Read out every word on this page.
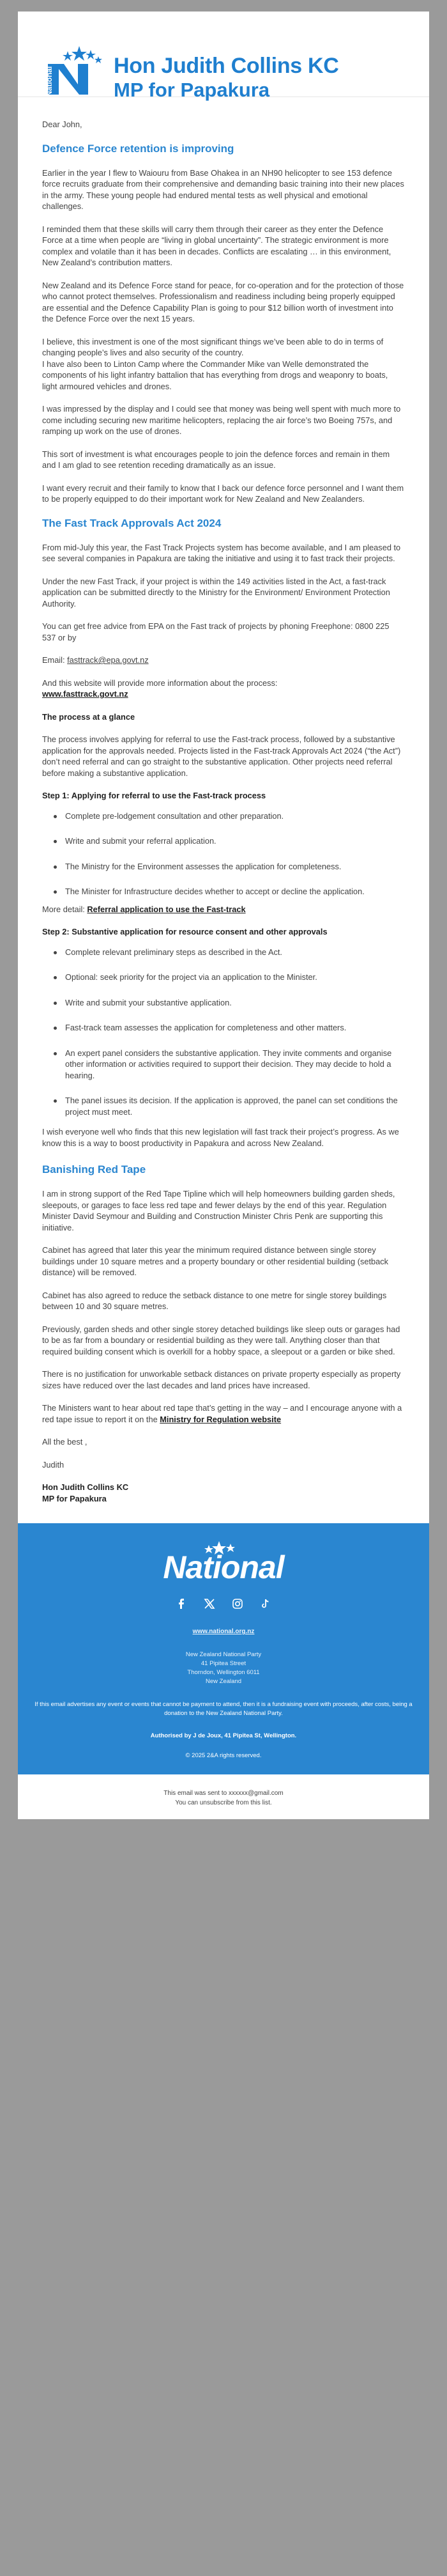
National
Hon Judith Collins KC
MP for Papakura

Dear John,

Defence Force retention is improving

Earlier in the year I flew to Waiouru from Base Ohakea in an NH90 helicopter to see 153 defence force recruits graduate from their comprehensive and demanding basic training into their new places in the army. These young people had endured mental tests as well physical and emotional challenges.

I reminded them that these skills will carry them through their career as they enter the Defence Force at a time when people are “living in global uncertainty”. The strategic environment is more complex and volatile than it has been in decades. Conflicts are escalating … in this environment, New Zealand’s contribution matters.

New Zealand and its Defence Force stand for peace, for co-operation and for the protection of those who cannot protect themselves. Professionalism and readiness including being properly equipped are essential and the Defence Capability Plan is going to pour $12 billion worth of investment into the Defence Force over the next 15 years.

I believe, this investment is one of the most significant things we’ve been able to do in terms of changing people’s lives and also security of the country.
I have also been to Linton Camp where the Commander Mike van Welle demonstrated the components of his light infantry battalion that has everything from drogs and weaponry to boats, light armoured vehicles and drones.

I was impressed by the display and I could see that money was being well spent with much more to come including securing new maritime helicopters, replacing the air force’s two Boeing 757s, and ramping up work on the use of drones.

This sort of investment is what encourages people to join the defence forces and remain in them and I am glad to see retention receding dramatically as an issue.

I want every recruit and their family to know that I back our defence force personnel and I want them to be properly equipped to do their important work for New Zealand and New Zealanders.

The Fast Track Approvals Act 2024

From mid-July this year, the Fast Track Projects system has become available, and I am pleased to see several companies in Papakura are taking the initiative and using it to fast track their projects.

Under the new Fast Track, if your project is within the 149 activities listed in the Act, a fast-track application can be submitted directly to the Ministry for the Environment/ Environment Protection Authority.

You can get free advice from EPA on the Fast track of projects by phoning Freephone: 0800 225 537 or by

Email: fasttrack@epa.govt.nz

And this website will provide more information about the process:
www.fasttrack.govt.nz

The process at a glance

The process involves applying for referral to use the Fast-track process, followed by a substantive application for the approvals needed. Projects listed in the Fast-track Approvals Act 2024 (“the Act”) don’t need referral and can go straight to the substantive application. Other projects need referral before making a substantive application.

Step 1: Applying for referral to use the Fast-track process

Complete pre-lodgement consultation and other preparation.
Write and submit your referral application.
The Ministry for the Environment assesses the application for completeness.
The Minister for Infrastructure decides whether to accept or decline the application.

More detail: Referral application to use the Fast-track

Step 2: Substantive application for resource consent and other approvals

Complete relevant preliminary steps as described in the Act.
Optional: seek priority for the project via an application to the Minister.
Write and submit your substantive application.
Fast-track team assesses the application for completeness and other matters.
An expert panel considers the substantive application. They invite comments and organise other information or activities required to support their decision. They may decide to hold a hearing.
The panel issues its decision. If the application is approved, the panel can set conditions the project must meet.

I wish everyone well who finds that this new legislation will fast track their project’s progress. As we know this is a way to boost productivity in Papakura and across New Zealand.

Banishing Red Tape

I am in strong support of the Red Tape Tipline which will help homeowners building garden sheds, sleepouts, or garages to face less red tape and fewer delays by the end of this year. Regulation Minister David Seymour and Building and Construction Minister Chris Penk are supporting this initiative.

Cabinet has agreed that later this year the minimum required distance between single storey buildings under 10 square metres and a property boundary or other residential building (setback distance) will be removed.

Cabinet has also agreed to reduce the setback distance to one metre for single storey buildings between 10 and 30 square metres.

Previously, garden sheds and other single storey detached buildings like sleep outs or garages had to be as far from a boundary or residential building as they were tall. Anything closer than that required building consent which is overkill for a hobby space, a sleepout or a garden or bike shed.

There is no justification for unworkable setback distances on private property especially as property sizes have reduced over the last decades and land prices have increased.

The Ministers want to hear about red tape that’s getting in the way – and I encourage anyone with a red tape issue to report it on the Ministry for Regulation website

All the best ,

Judith

Hon Judith Collins KC
MP for Papakura
National
www.national.org.nz
New Zealand National Party
41 Pipitea Street
Thorndon, Wellington 6011
New Zealand
If this email advertises any event or events that cannot be payment to attend, then it is a fundraising event with proceeds, after costs, being a donation to the New Zealand National Party.
Authorised by J de Joux, 41 Pipitea St, Wellington.
© 2025 2&A rights reserved.
This email was sent to xxxxxx@gmail.com
You can unsubscribe from this list.
